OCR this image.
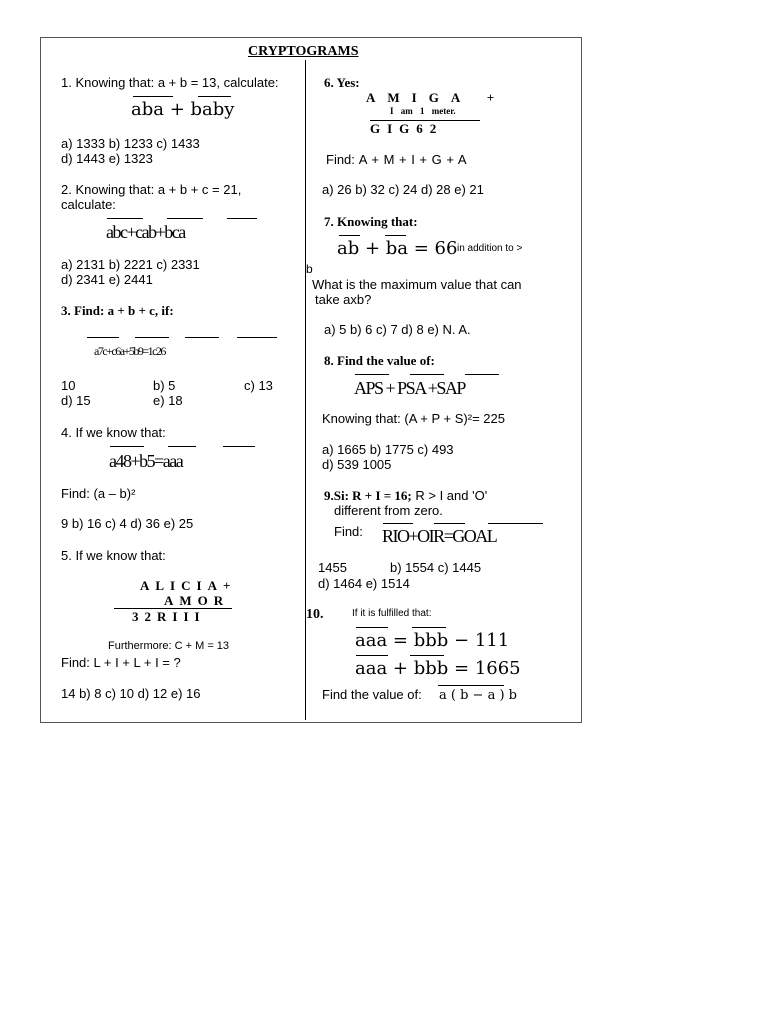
CRYPTOGRAMS
1. Knowing that: a + b = 13, calculate:
aba + baby
a) 1333 b) 1233 c) 1433
d) 1443 e) 1323
2. Knowing that: a + b + c = 21,
calculate:
abc+cab+bca
a) 2131 b) 2221 c) 2331
d) 2341 e) 2441
3. Find: a + b + c, if:
a7c+c6a+5b9=1c26
10	b) 5	c) 13
d) 15	e) 18
4. If we know that:
a48+b5=aaa
Find: (a – b)²
9 b) 16 c) 4 d) 36 e) 25
5. If we know that:
ALICIA+
AMOR
32RIII
Furthermore: C + M = 13
Find: L + I + L + I = ?
14 b) 8 c) 10 d) 12 e) 16
6. Yes:
AMIGA +
I am 1 meter.
GIG62
Find: A + M + I + G + A
a) 26 b) 32 c) 24 d) 28 e) 21
7. Knowing that:
ab + ba = 66 in addition to >
b
What is the maximum value that can
take axb?
a) 5 b) 6 c) 7 d) 8 e) N. A.
8. Find the value of:
APS + PSA +SAP
Knowing that: (A + P + S)²= 225
a) 1665 b) 1775 c) 493
d) 539 1005
9.Si: R + I = 16; R > I and 'O'
different from zero.
Find: RIO+OIR=GOAL
1455	b) 1554 c) 1445
d) 1464 e) 1514
10.	If it is fulfilled that:
aaa = bbb − 111
aaa + bbb = 1665
Find the value of: a ( b − a ) b
